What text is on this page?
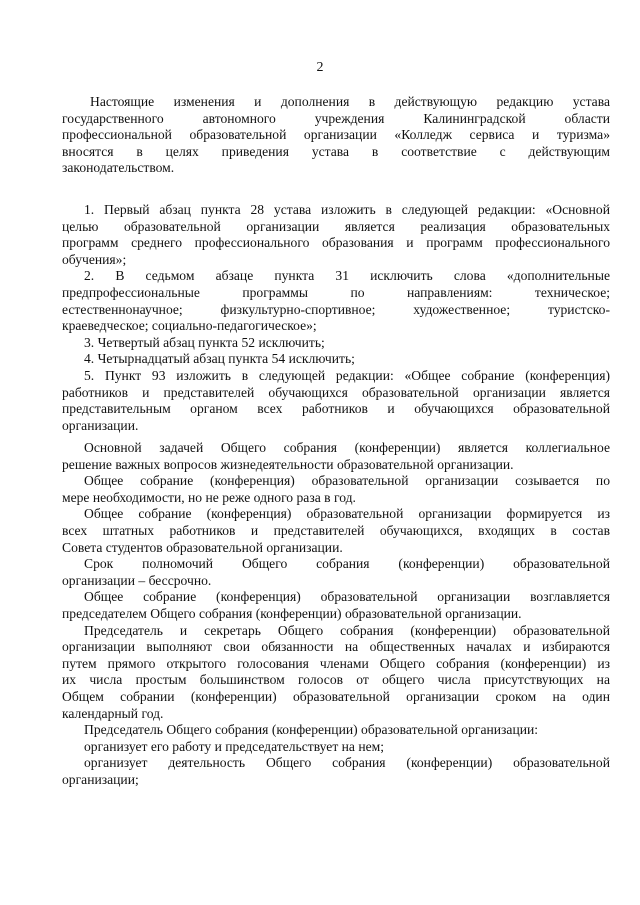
2
Настоящие изменения и дополнения в действующую редакцию устава
государственного автономного учреждения Калининградской области
профессиональной образовательной организации «Колледж сервиса и туризма»
вносятся в целях приведения устава в соответствие с действующим
законодательством.
1. Первый абзац пункта 28 устава изложить в следующей редакции: «Основной
целью образовательной организации является реализация образовательных
программ среднего профессионального образования и программ профессионального
обучения»;
2. В седьмом абзаце пункта 31 исключить слова «дополнительные
предпрофессиональные программы по направлениям: техническое;
естественнонаучное; физкультурно-спортивное; художественное; туристско-
краеведческое; социально-педагогическое»;
3. Четвертый абзац пункта 52 исключить;
4. Четырнадцатый абзац пункта 54 исключить;
5. Пункт 93 изложить в следующей редакции: «Общее собрание (конференция)
работников и представителей обучающихся образовательной организации является
представительным органом всех работников и обучающихся образовательной
организации.
Основной задачей Общего собрания (конференции) является коллегиальное
решение важных вопросов жизнедеятельности образовательной организации.
Общее собрание (конференция) образовательной организации созывается по
мере необходимости, но не реже одного раза в год.
Общее собрание (конференция) образовательной организации формируется из
всех штатных работников и представителей обучающихся, входящих в состав
Совета студентов образовательной организации.
Срок полномочий Общего собрания (конференции) образовательной
организации – бессрочно.
Общее собрание (конференция) образовательной организации возглавляется
председателем Общего собрания (конференции) образовательной организации.
Председатель и секретарь Общего собрания (конференции) образовательной
организации выполняют свои обязанности на общественных началах и избираются
путем прямого открытого голосования членами Общего собрания (конференции) из
их числа простым большинством голосов от общего числа присутствующих на
Общем собрании (конференции) образовательной организации сроком на один
календарный год.
Председатель Общего собрания (конференции) образовательной организации:
организует его работу и председательствует на нем;
организует деятельность Общего собрания (конференции) образовательной
организации;
